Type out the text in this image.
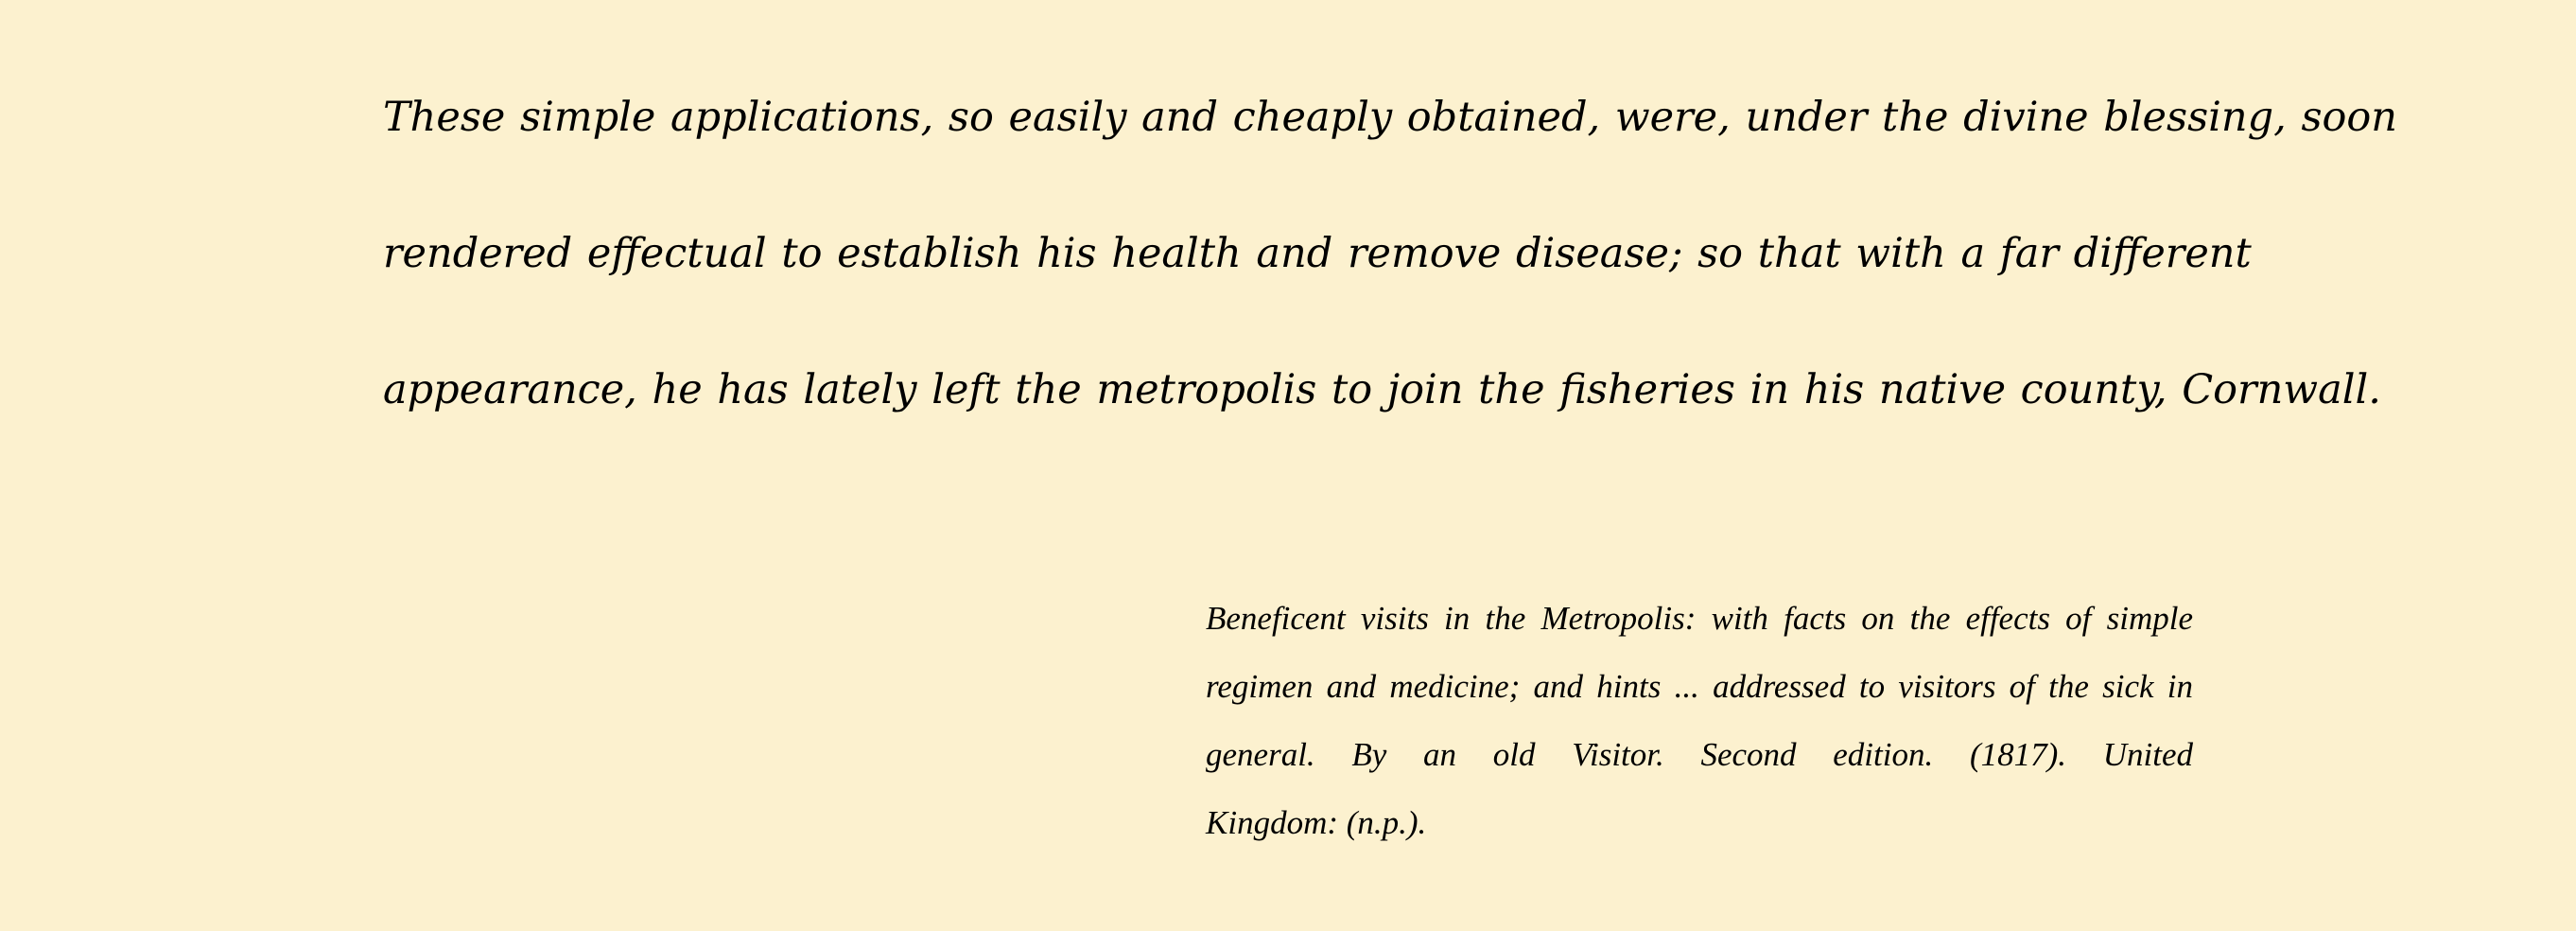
These simple applications, so easily and cheaply obtained, were, under the divine blessing, soon
rendered effectual to establish his health and remove disease; so that with a far different
appearance, he has lately left the metropolis to join the fisheries in his native county, Cornwall.

Beneficent visits in the Metropolis: with facts on the effects of simple
regimen and medicine; and hints ... addressed to visitors of the sick in
general. By an old Visitor. Second edition. (1817). United
Kingdom: (n.p.).
